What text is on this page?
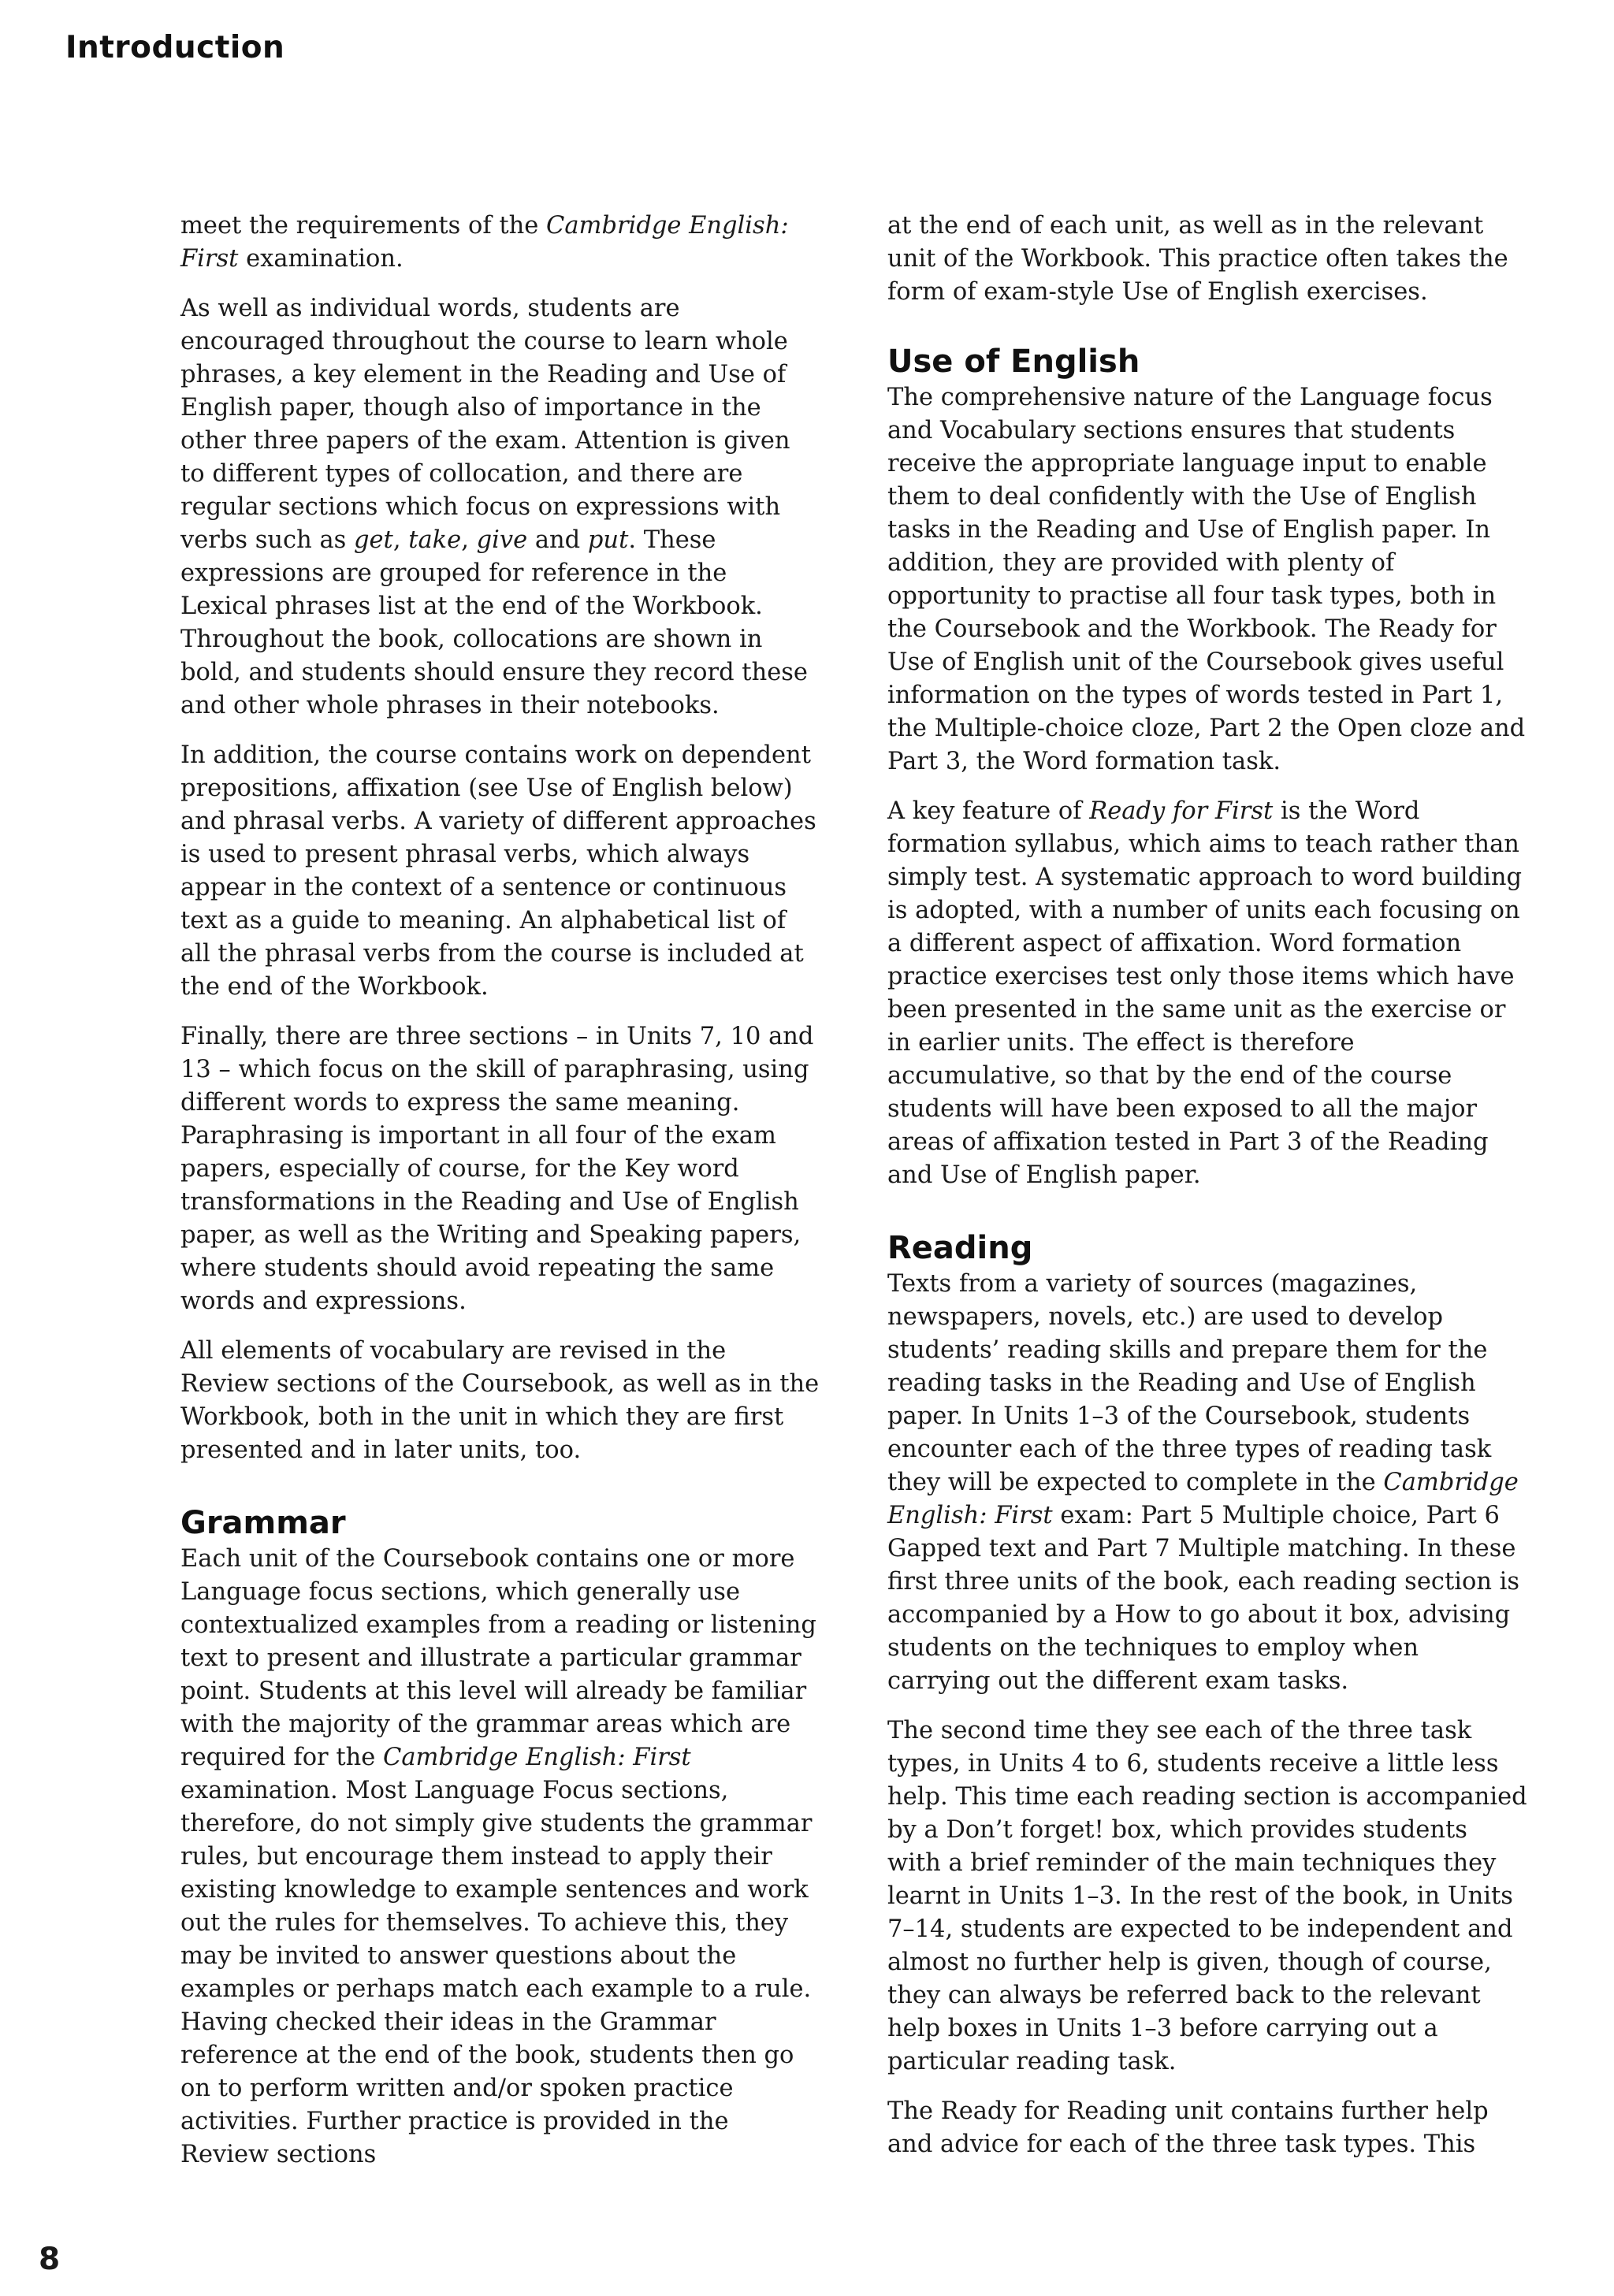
Introduction

meet the requirements of the Cambridge English: First examination.

As well as individual words, students are encouraged throughout the course to learn whole phrases, a key element in the Reading and Use of English paper, though also of importance in the other three papers of the exam. Attention is given to different types of collocation, and there are regular sections which focus on expressions with verbs such as get, take, give and put. These expressions are grouped for reference in the Lexical phrases list at the end of the Workbook. Throughout the book, collocations are shown in bold, and students should ensure they record these and other whole phrases in their notebooks.

In addition, the course contains work on dependent prepositions, affixation (see Use of English below) and phrasal verbs. A variety of different approaches is used to present phrasal verbs, which always appear in the context of a sentence or continuous text as a guide to meaning. An alphabetical list of all the phrasal verbs from the course is included at the end of the Workbook.

Finally, there are three sections – in Units 7, 10 and 13 – which focus on the skill of paraphrasing, using different words to express the same meaning. Paraphrasing is important in all four of the exam papers, especially of course, for the Key word transformations in the Reading and Use of English paper, as well as the Writing and Speaking papers, where students should avoid repeating the same words and expressions.

All elements of vocabulary are revised in the Review sections of the Coursebook, as well as in the Workbook, both in the unit in which they are first presented and in later units, too.

Grammar

Each unit of the Coursebook contains one or more Language focus sections, which generally use contextualized examples from a reading or listening text to present and illustrate a particular grammar point. Students at this level will already be familiar with the majority of the grammar areas which are required for the Cambridge English: First examination. Most Language Focus sections, therefore, do not simply give students the grammar rules, but encourage them instead to apply their existing knowledge to example sentences and work out the rules for themselves. To achieve this, they may be invited to answer questions about the examples or perhaps match each example to a rule. Having checked their ideas in the Grammar reference at the end of the book, students then go on to perform written and/or spoken practice activities. Further practice is provided in the Review sections

at the end of each unit, as well as in the relevant unit of the Workbook. This practice often takes the form of exam-style Use of English exercises.

Use of English

The comprehensive nature of the Language focus and Vocabulary sections ensures that students receive the appropriate language input to enable them to deal confidently with the Use of English tasks in the Reading and Use of English paper. In addition, they are provided with plenty of opportunity to practise all four task types, both in the Coursebook and the Workbook. The Ready for Use of English unit of the Coursebook gives useful information on the types of words tested in Part 1, the Multiple-choice cloze, Part 2 the Open cloze and Part 3, the Word formation task.

A key feature of Ready for First is the Word formation syllabus, which aims to teach rather than simply test. A systematic approach to word building is adopted, with a number of units each focusing on a different aspect of affixation. Word formation practice exercises test only those items which have been presented in the same unit as the exercise or in earlier units. The effect is therefore accumulative, so that by the end of the course students will have been exposed to all the major areas of affixation tested in Part 3 of the Reading and Use of English paper.

Reading

Texts from a variety of sources (magazines, newspapers, novels, etc.) are used to develop students’ reading skills and prepare them for the reading tasks in the Reading and Use of English paper. In Units 1–3 of the Coursebook, students encounter each of the three types of reading task they will be expected to complete in the Cambridge English: First exam: Part 5 Multiple choice, Part 6 Gapped text and Part 7 Multiple matching. In these first three units of the book, each reading section is accompanied by a How to go about it box, advising students on the techniques to employ when carrying out the different exam tasks.

The second time they see each of the three task types, in Units 4 to 6, students receive a little less help. This time each reading section is accompanied by a Don’t forget! box, which provides students with a brief reminder of the main techniques they learnt in Units 1–3. In the rest of the book, in Units 7–14, students are expected to be independent and almost no further help is given, though of course, they can always be referred back to the relevant help boxes in Units 1–3 before carrying out a particular reading task.

The Ready for Reading unit contains further help and advice for each of the three task types. This

8
